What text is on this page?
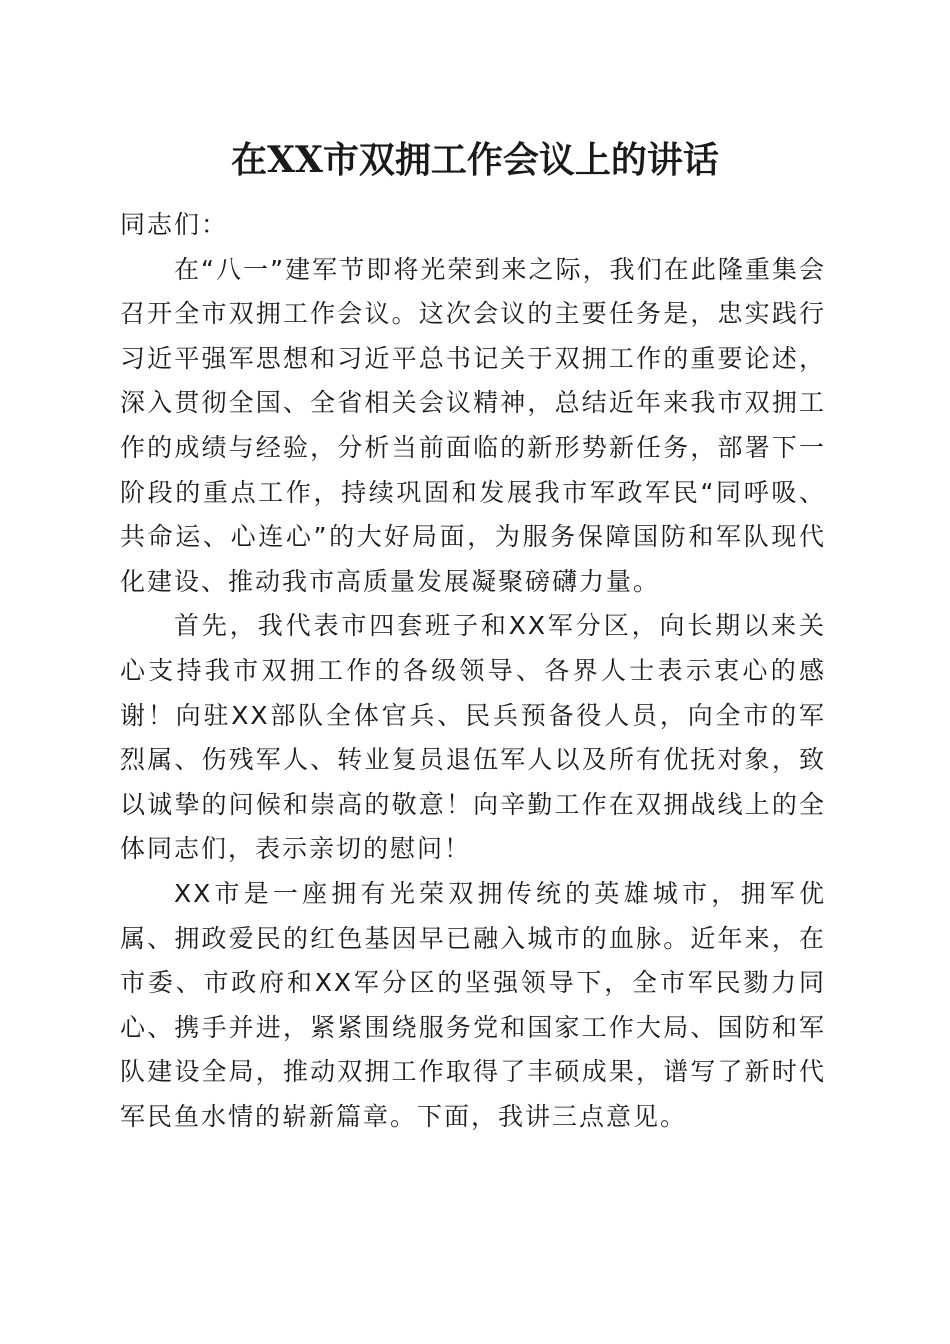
在XX市双拥工作会议上的讲话

同志们：

在“八一”建军节即将光荣到来之际，我们在此隆重集会召开全市双拥工作会议。这次会议的主要任务是，忠实践行习近平强军思想和习近平总书记关于双拥工作的重要论述，深入贯彻全国、全省相关会议精神，总结近年来我市双拥工作的成绩与经验，分析当前面临的新形势新任务，部署下一阶段的重点工作，持续巩固和发展我市军政军民“同呼吸、共命运、心连心”的大好局面，为服务保障国防和军队现代化建设、推动我市高质量发展凝聚磅礴力量。

首先，我代表市四套班子和XX军分区，向长期以来关心支持我市双拥工作的各级领导、各界人士表示衷心的感谢！向驻XX部队全体官兵、民兵预备役人员，向全市的军烈属、伤残军人、转业复员退伍军人以及所有优抚对象，致以诚挚的问候和崇高的敬意！向辛勤工作在双拥战线上的全体同志们，表示亲切的慰问！

XX市是一座拥有光荣双拥传统的英雄城市，拥军优属、拥政爱民的红色基因早已融入城市的血脉。近年来，在市委、市政府和XX军分区的坚强领导下，全市军民勠力同心、携手并进，紧紧围绕服务党和国家工作大局、国防和军队建设全局，推动双拥工作取得了丰硕成果，谱写了新时代军民鱼水情的崭新篇章。下面，我讲三点意见。
